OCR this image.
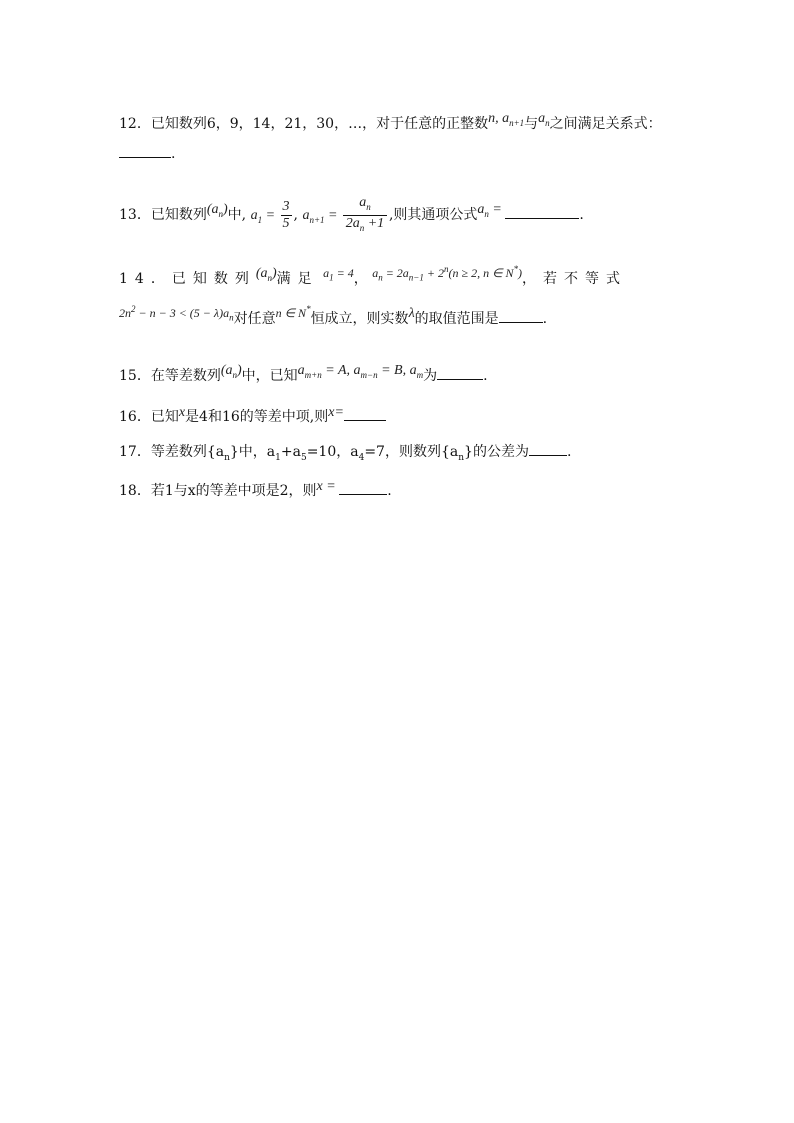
12．已知数列6，9，14，21，30，…，对于任意的正整数n, $a_{n+1}$与$a_n$之间满足关系式：
.
13．已知数列$(a_n)$中, $a_1 = \frac{3}{5}$ , $a_{n+1} = \frac{a_n}{2a_n +1}$ ,则其通项公式$a_n$ =	.
14．已知数列$(a_n)$满足 $a_1 = 4$， $a_n = 2a_{n-1} + 2^n(n \ge 2$, n ∈ N*)，若不等式
$2n^2 - n - 3 < (5 - \lambda)a_n$对任意n ∈ N*恒成立，则实数λ的取值范围是	.
15．在等差数列$(a_n)$中，已知$a_{m+n} = A$, $a_{m-n} = B$, $a_m$为	.
16．已知x是4和16的等差中项,则x=
17．等差数列$\{a_n\}$中，$a_1+a_5=10$，$a_4=7$，则数列$\{a_n\}$的公差为	.
18．若1与x的等差中项是2，则x =	.
